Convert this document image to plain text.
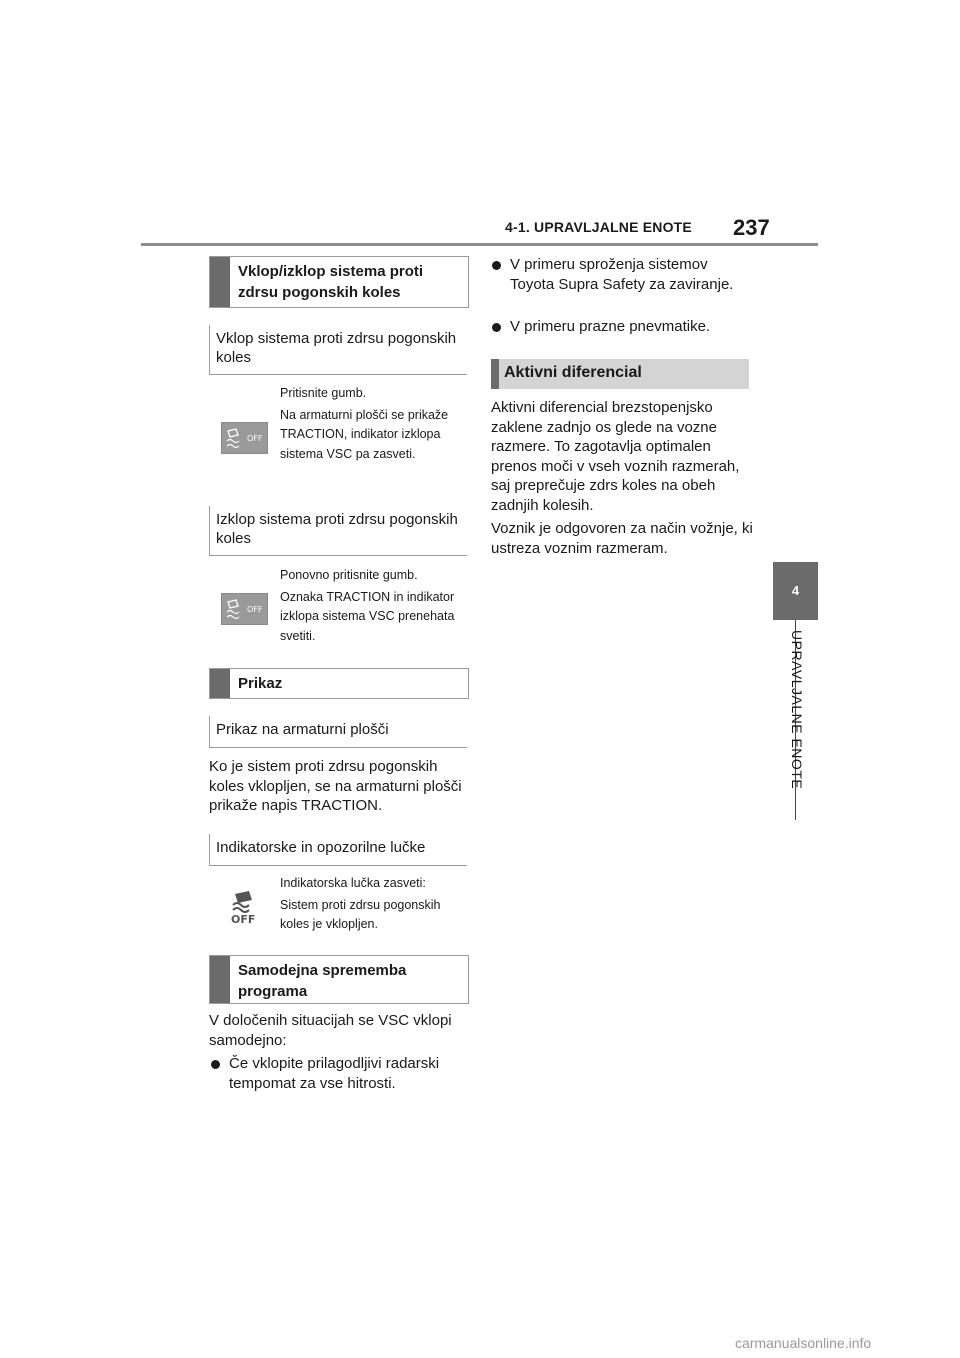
4-1. UPRAVLJALNE ENOTE 237
4
UPRAVLJALNE ENOTE
Vklop/izklop sistema proti zdrsu pogonskih koles
Vklop sistema proti zdrsu pogonskih koles
OFF

Pritisnite gumb.

Na armaturni plošči se prikaže TRACTION, indikator izklopa sistema VSC pa zasveti.

Izklop sistema proti zdrsu pogonskih koles
OFF

Ponovno pritisnite gumb.

Oznaka TRACTION in indikator izklopa sistema VSC prenehata svetiti.

Prikaz
Prikaz na armaturni plošči
Ko je sistem proti zdrsu pogonskih koles vklopljen, se na armaturni plošči prikaže napis TRACTION.
Indikatorske in opozorilne lučke
OFF

Indikatorska lučka zasveti:

Sistem proti zdrsu pogonskih koles je vklopljen.

Samodejna sprememba programa
V določenih situacijah se VSC vklopi samodejno:
Če vklopite prilagodljivi radarski tempomat za vse hitrosti.
V primeru sproženja sistemov Toyota Supra Safety za zaviranje.
V primeru prazne pnevmatike.
Aktivni diferencial
Aktivni diferencial brezstopenjsko zaklene zadnjo os glede na vozne razmere. To zagotavlja optimalen prenos moči v vseh voznih razmerah, saj preprečuje zdrs koles na obeh zadnjih kolesih.
Voznik je odgovoren za način vožnje, ki ustreza voznim razmeram.
carmanualsonline.info
